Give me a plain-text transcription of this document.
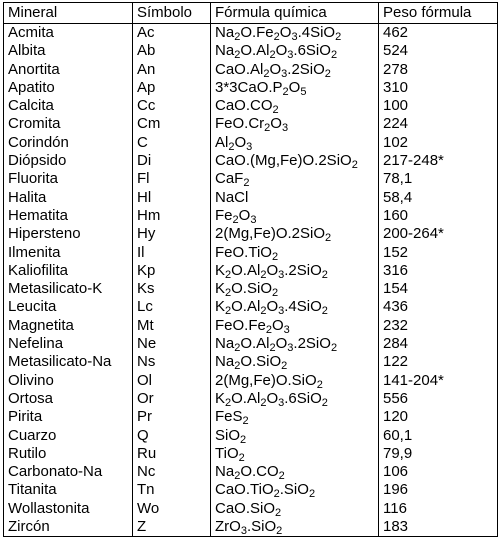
Mineral	Símbolo	Fórmula química	Peso fórmula
Acmita	Ac	$Na_2O.Fe_2O_3.4SiO_2$	462
Albita	Ab	$Na_2O.Al_2O_3.6SiO_2$	524
Anortita	An	$CaO.Al_2O_3.2SiO_2$	278
Apatito	Ap	$3*3CaO.P_2O_5$	310
Calcita	Cc	$CaO.CO_2$	100
Cromita	Cm	$FeO.Cr_2O_3$	224
Corindón	C	$Al_2O_3$	102
Diópsido	Di	CaO.(Mg,Fe)O.2SiO$_2$	217-248*
Fluorita	Fl	CaF$_2$	78,1
Halita	Hl	NaCl	58,4
Hematita	Hm	$Fe_2O_3$	160
Hipersteno	Hy	2(Mg,Fe)O.2SiO$_2$	200-264*
Ilmenita	Il	FeO.TiO$_2$	152
Kaliofilita	Kp	$K_2O.Al_2O_3.2SiO_2$	316
Metasilicato-K	Ks	$K_2O.SiO_2$	154
Leucita	Lc	$K_2O.Al_2O_3.4SiO_2$	436
Magnetita	Mt	$FeO.Fe_2O_3$	232
Nefelina	Ne	$Na_2O.Al_2O_3.2SiO_2$	284
Metasilicato-Na	Ns	$Na_2O.SiO_2$	122
Olivino	Ol	2(Mg,Fe)O.SiO$_2$	141-204*
Ortosa	Or	$K_2O.Al_2O_3.6SiO_2$	556
Pirita	Pr	FeS$_2$	120
Cuarzo	Q	SiO$_2$	60,1
Rutilo	Ru	TiO$_2$	79,9
Carbonato-Na	Nc	$Na_2O.CO_2$	106
Titanita	Tn	CaO.TiO$_2$.SiO$_2$	196
Wollastonita	Wo	CaO.SiO$_2$	116
Zircón	Z	ZrO$_3$.SiO$_2$	183
